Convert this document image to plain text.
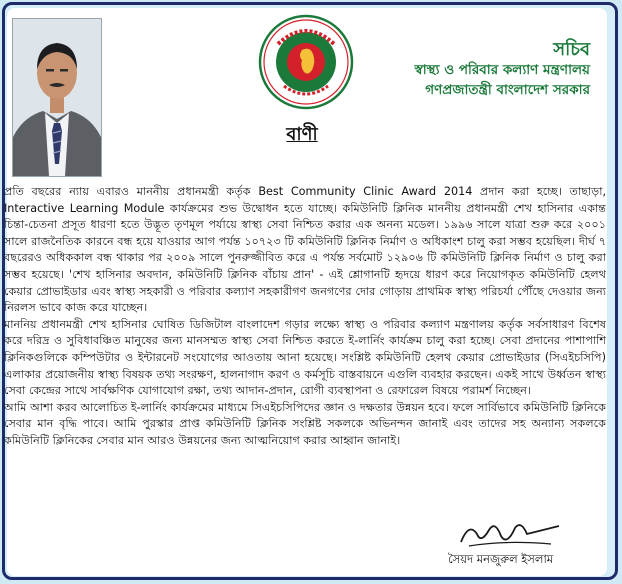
সচিব
স্বাস্থ্য ও পরিবার কল্যাণ মন্ত্রণালয়
গণপ্রজাতন্ত্রী বাংলাদেশ সরকার
বাণী

প্রতি বছরের ন্যায় এবারও মাননীয় প্রধানমন্ত্রী কর্তৃক Best Community Clinic Award 2014 প্রদান করা হচ্ছে। তাছাড়া, Interactive Learning Module কার্যক্রমের শুভ উদ্বোধন হতে যাচ্ছে। কমিউনিটি ক্লিনিক মাননীয় প্রধানমন্ত্রী শেখ হাসিনার একান্ত চিন্তা-চেতনা প্রসূত ধারণা হতে উদ্ভূত তৃণমূল পর্যায়ে স্বাস্থ্য সেবা নিশ্চিত করার এক অনন্য মডেল। ১৯৯৬ সালে যাত্রা শুরু করে ২০০১ সালে রাজনৈতিক কারনে বন্ধ হয়ে যাওয়ার আগ পর্যন্ত ১০৭২৩ টি কমিউনিটি ক্লিনিক নির্মাণ ও অধিকাংশ চালু করা সম্ভব হয়েছিল। দীর্ঘ ৭ বছরেরও অধিককাল বন্ধ থাকার পর ২০০৯ সালে পুনরুজ্জীবিত করে এ পর্যন্ত সর্বমোট ১২৯০৬ টি কমিউনিটি ক্লিনিক নির্মাণ ও চালু করা সম্ভব হয়েছে। 'শেখ হাসিনার অবদান, কমিউনিটি ক্লিনিক বাঁচায় প্রান' - এই শ্লোগানটি হৃদয়ে ধারণ করে নিয়োগকৃত কমিউনিটি হেলথ কেয়ার প্রোভাইডার এবং স্বাস্থ্য সহকারী ও পরিবার কল্যাণ সহকারীগণ জনগণের দোর গোড়ায় প্রাথমিক স্বাস্থ্য পরিচর্যা পৌঁছে দেওয়ার জন্য নিরলস ভাবে কাজ করে যাচ্ছেন।

মাননিয় প্রধানমন্ত্রী শেখ হাসিনার ঘোষিত ডিজিটাল বাংলাদেশ গড়ার লক্ষ্যে স্বাস্থ্য ও পরিবার কল্যাণ মন্ত্রণালয় কর্তৃক সর্বসাধারণ বিশেষ করে দরিদ্র ও সুবিধাবঞ্চিত মানুষের জন্য মানসম্মত স্বাস্থ্য সেবা নিশ্চিত করতে ই-লার্নিং কার্যক্রম চালু করা হচ্ছে। সেবা প্রদানের পাশাপাশি ক্লিনিকগুলিকে কম্পিউটার ও ইন্টারনেট সংযোগের আওতায় আনা হয়েছে। সংশ্লিষ্ট কমিউনিটি হেলথ কেয়ার প্রোভাইডার (সিএইচসিপি) এলাকার প্রয়োজনীয় স্বাস্থ্য বিষয়ক তথ্য সংরক্ষণ, হালনাগাদ করণ ও কর্মসূচি বাস্তবায়নে এগুলি ব্যবহার করছেন। একই সাথে উর্ধ্বতন স্বাস্থ্য সেবা কেন্দ্রের সাথে সার্বক্ষণিক যোগাযোগ রক্ষা, তথ্য আদান-প্রদান, রোগী ব্যবস্থাপনা ও রেফারেল বিষয়ে পরামর্শ নিচ্ছেন।

আমি আশা করব আলোচিত ই-লার্নিং কার্যক্রমের মাধ্যমে সিএইচসিপিদের জ্ঞান ও দক্ষতার উন্নয়ন হবে। ফলে সার্বিভাবে কমিউনিটি ক্লিনিকে সেবার মান বৃদ্ধি পাবে। আমি পুরস্কার প্রাপ্ত কমিউনিটি ক্লিনিক সংশ্লিষ্ট সকলকে অভিনন্দন জানাই এবং তাদের সহ অন্যান্য সকলকে কমিউনিটি ক্লিনিকের সেবার মান আরও উন্নয়নের জন্য আত্মনিয়োগ করার আহ্বান জানাই।

সৈয়দ মনজুরুল ইসলাম
